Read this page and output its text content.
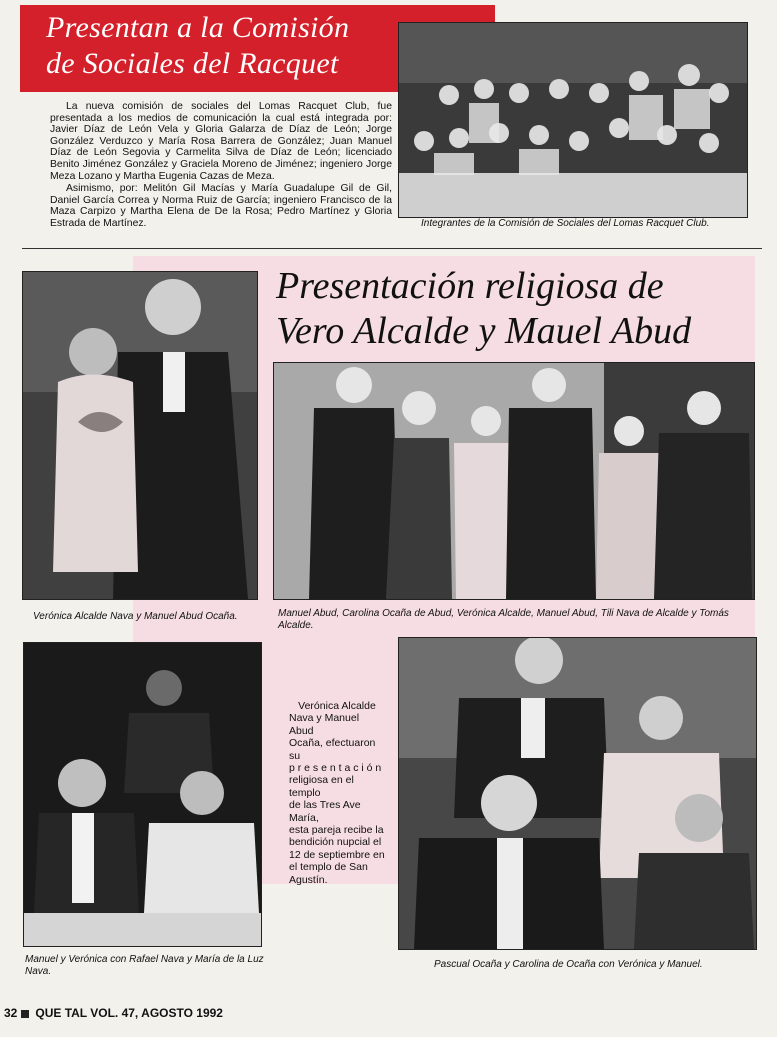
Presentan a la Comisión
de Sociales del Racquet
La nueva comisión de sociales del Lomas Racquet Club, fue presentada a los medios de comunicación la cual está integrada por: Javier Díaz de León Vela y Gloria Galarza de Díaz de León; Jorge González Verduzco y María Rosa Barrera de González; Juan Manuel Díaz de León Segovia y Carmelita Silva de Díaz de León; licenciado Benito Jiménez González y Graciela Moreno de Jiménez; ingeniero Jorge Meza Lozano y Martha Eugenia Cazas de Meza.
Asimismo, por: Melitón Gil Macías y María Guadalupe Gil de Gil, Daniel García Correa y Norma Ruiz de García; ingeniero Francisco de la Maza Carpizo y Martha Elena de De la Rosa; Pedro Martínez y Gloria Estrada de Martínez.	Integrantes de la Comisión de Sociales del Lomas Racquet Club.
Presentación religiosa de
Vero Alcalde y Mauel Abud
Verónica Alcalde Nava y Manuel Abud Ocaña.	Manuel Abud, Carolina Ocaña de Abud, Verónica Alcalde, Manuel Abud, Tili Nava de Alcalde y Tomás Alcalde.
Manuel y Verónica con Rafael Nava y María de la Luz Nava.
Verónica Alcalde
Nava y Manuel Abud
Ocaña, efectuaron su
p r e s e n t a c i ó n
religiosa en el templo
de las Tres Ave María,
esta pareja recibe la
bendición nupcial el
12 de septiembre en
el templo de San
Agustín.
Pascual Ocaña y Carolina de Ocaña con Verónica y Manuel.
32 QUE TAL VOL. 47, AGOSTO 1992
